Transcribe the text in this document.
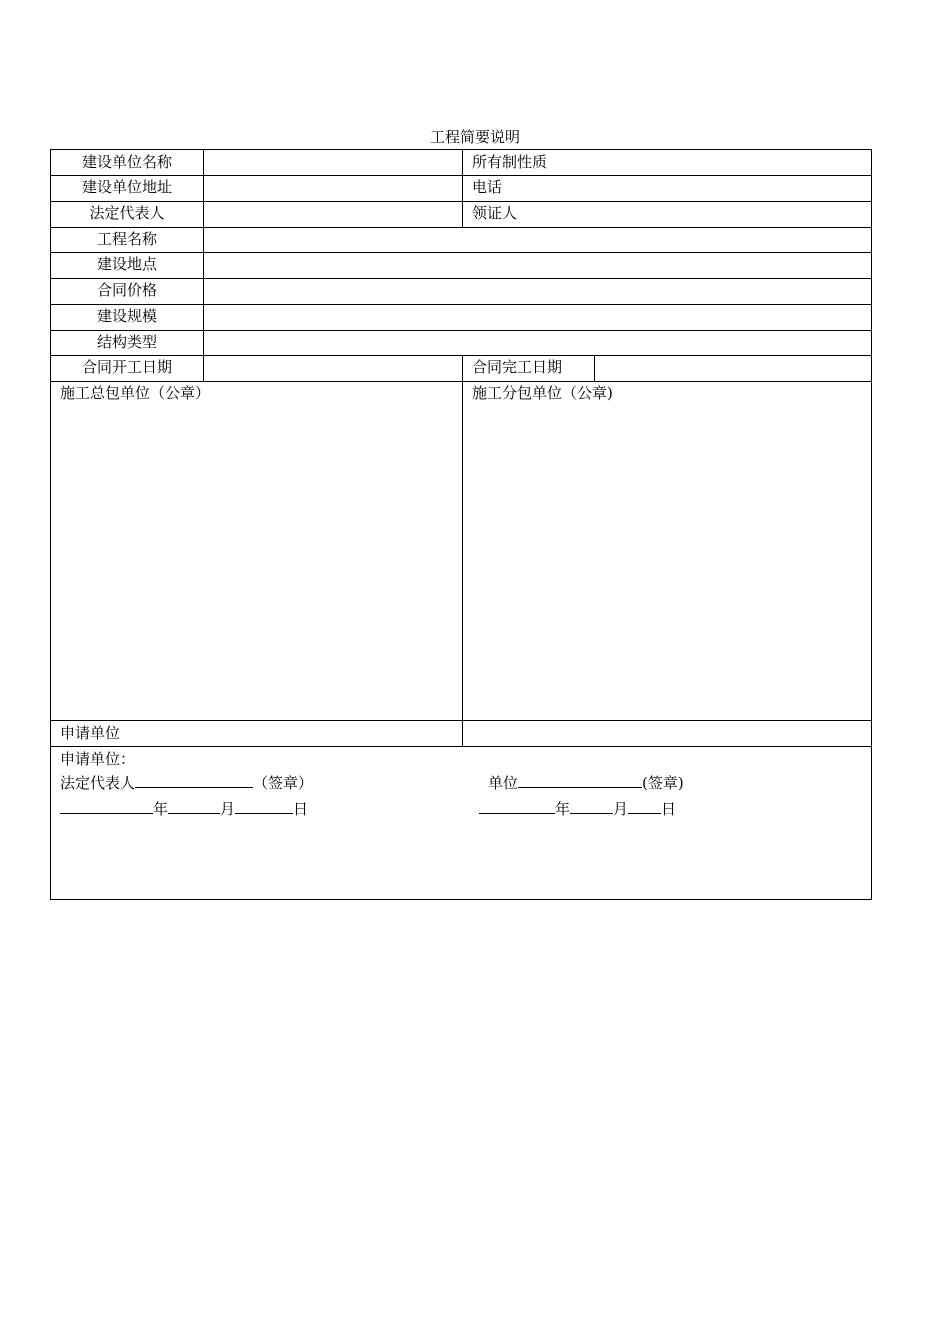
工程简要说明
建设单位名称	所有制性质
建设单位地址	电话
法定代表人	领证人
工程名称
建设地点
合同价格
建设规模
结构类型
合同开工日期	合同完工日期
施工总包单位（公章）	施工分包单位（公章)
申请单位
申请单位：
法定代表人	（签章）	单位	(签章)
年	月	日	年	月 日
